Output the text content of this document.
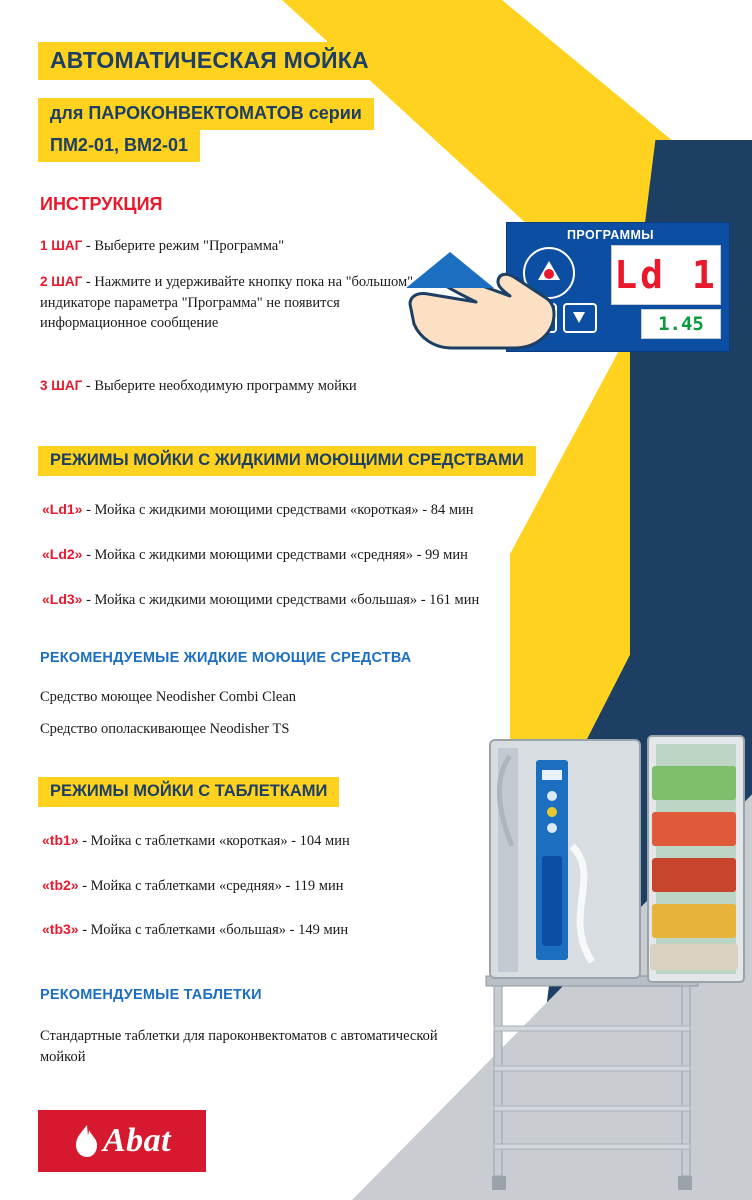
АВТОМАТИЧЕСКАЯ МОЙКА
для ПАРОКОНВЕКТОМАТОВ серии
ПМ2-01, ВМ2-01
ИНСТРУКЦИЯ
1 ШАГ - Выберите режим "Программа"
2 ШАГ - Нажмите и удерживайте кнопку пока на "большом" индикаторе параметра "Программа" не появится информационное сообщение
3 ШАГ - Выберите необходимую программу мойки
ПРОГРАММЫ
Ld 1
1.45
РЕЖИМЫ МОЙКИ С ЖИДКИМИ МОЮЩИМИ СРЕДСТВАМИ
«Ld1» - Мойка с жидкими моющими средствами «короткая» - 84 мин
«Ld2» - Мойка с жидкими моющими средствами «средняя» - 99 мин
«Ld3» - Мойка с жидкими моющими средствами «большая» - 161 мин
РЕКОМЕНДУЕМЫЕ ЖИДКИЕ МОЮЩИЕ СРЕДСТВА
Средство моющее Neodisher Combi Clean
Средство ополаскивающее Neodisher TS
РЕЖИМЫ МОЙКИ С ТАБЛЕТКАМИ
«tb1» - Мойка с таблетками «короткая» - 104 мин
«tb2» - Мойка с таблетками «средняя» - 119 мин
«tb3» - Мойка с таблетками «большая» - 149 мин
РЕКОМЕНДУЕМЫЕ ТАБЛЕТКИ
Стандартные таблетки для пароконвектоматов с автоматической мойкой
Abat
